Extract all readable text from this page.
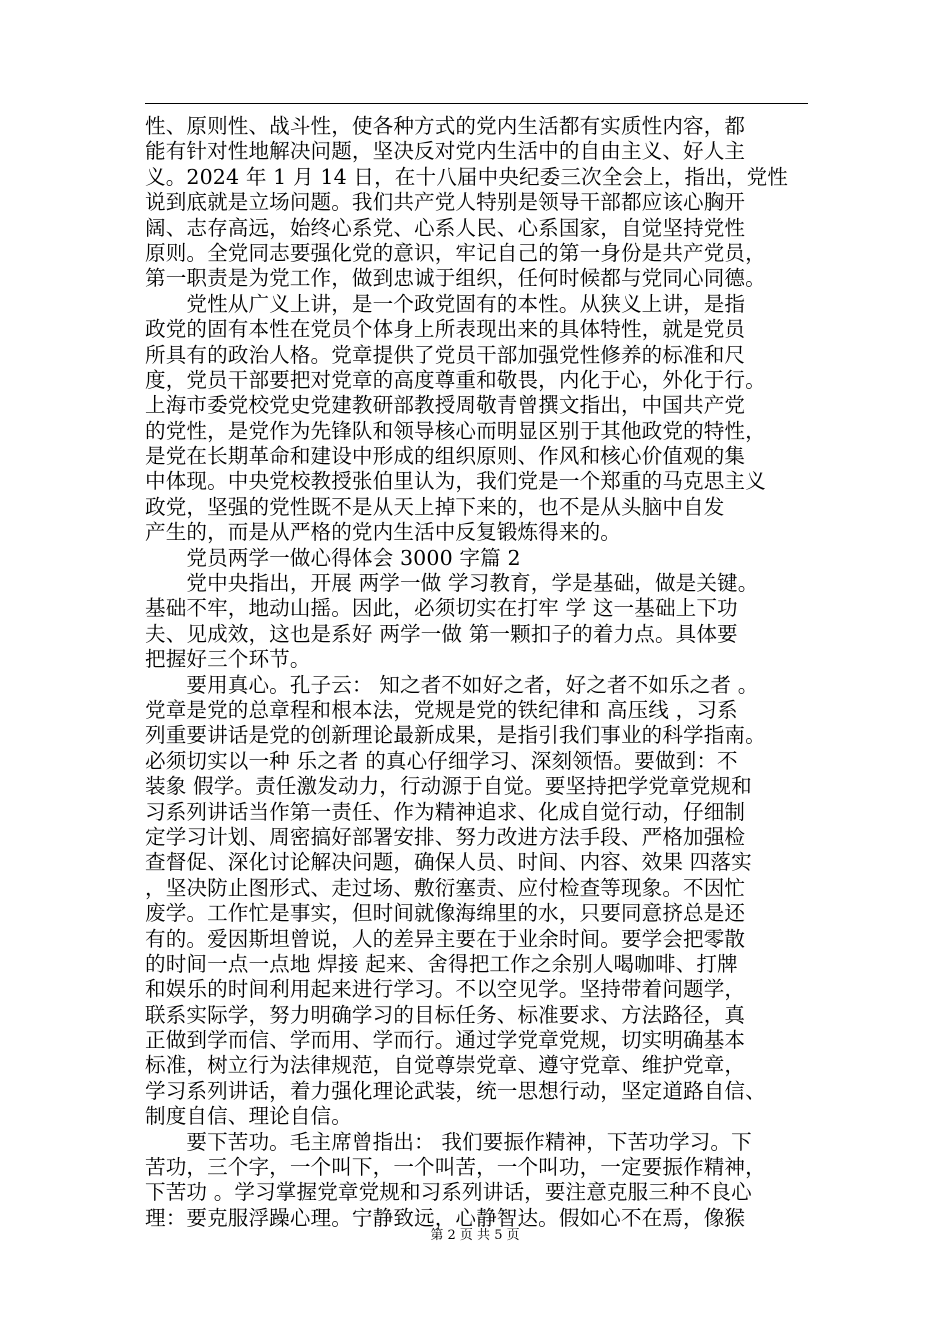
性、原则性、战斗性，使各种方式的党内生活都有实质性内容，都
能有针对性地解决问题，坚决反对党内生活中的自由主义、好人主
义。2024 年 1 月 14 日，在十八届中央纪委三次全会上，指出，党性
说到底就是立场问题。我们共产党人特别是领导干部都应该心胸开
阔、志存高远，始终心系党、心系人民、心系国家，自觉坚持党性
原则。全党同志要强化党的意识，牢记自己的第一身份是共产党员，
第一职责是为党工作，做到忠诚于组织，任何时候都与党同心同德。
　　党性从广义上讲，是一个政党固有的本性。从狭义上讲，是指
政党的固有本性在党员个体身上所表现出来的具体特性，就是党员
所具有的政治人格。党章提供了党员干部加强党性修养的标准和尺
度，党员干部要把对党章的高度尊重和敬畏，内化于心，外化于行。
上海市委党校党史党建教研部教授周敬青曾撰文指出，中国共产党
的党性，是党作为先锋队和领导核心而明显区别于其他政党的特性，
是党在长期革命和建设中形成的组织原则、作风和核心价值观的集
中体现。中央党校教授张伯里认为，我们党是一个郑重的马克思主义
政党，坚强的党性既不是从天上掉下来的，也不是从头脑中自发
产生的，而是从严格的党内生活中反复锻炼得来的。
　　党员两学一做心得体会 3000 字篇 2
　　党中央指出，开展 两学一做 学习教育，学是基础，做是关键。
基础不牢，地动山摇。因此，必须切实在打牢 学 这一基础上下功
夫、见成效，这也是系好 两学一做 第一颗扣子的着力点。具体要
把握好三个环节。
　　要用真心。孔子云： 知之者不如好之者，好之者不如乐之者 。
党章是党的总章程和根本法，党规是党的铁纪律和 高压线 ，习系
列重要讲话是党的创新理论最新成果，是指引我们事业的科学指南。
必须切实以一种 乐之者 的真心仔细学习、深刻领悟。要做到：不
装象 假学。责任激发动力，行动源于自觉。要坚持把学党章党规和
习系列讲话当作第一责任、作为精神追求、化成自觉行动，仔细制
定学习计划、周密搞好部署安排、努力改进方法手段、严格加强检
查督促、深化讨论解决问题，确保人员、时间、内容、效果 四落实
，坚决防止图形式、走过场、敷衍塞责、应付检查等现象。不因忙
废学。工作忙是事实，但时间就像海绵里的水，只要同意挤总是还
有的。爱因斯坦曾说，人的差异主要在于业余时间。要学会把零散
的时间一点一点地 焊接 起来、舍得把工作之余别人喝咖啡、打牌
和娱乐的时间利用起来进行学习。不以空见学。坚持带着问题学，
联系实际学，努力明确学习的目标任务、标准要求、方法路径，真
正做到学而信、学而用、学而行。通过学党章党规，切实明确基本
标准，树立行为法律规范，自觉尊崇党章、遵守党章、维护党章，
学习系列讲话，着力强化理论武装，统一思想行动，坚定道路自信、
制度自信、理论自信。
　　要下苦功。毛主席曾指出： 我们要振作精神，下苦功学习。下
苦功，三个字，一个叫下，一个叫苦，一个叫功，一定要振作精神，
下苦功 。学习掌握党章党规和习系列讲话，要注意克服三种不良心
理：要克服浮躁心理。宁静致远，心静智达。假如心不在焉，像猴
第 2 页 共 5 页
